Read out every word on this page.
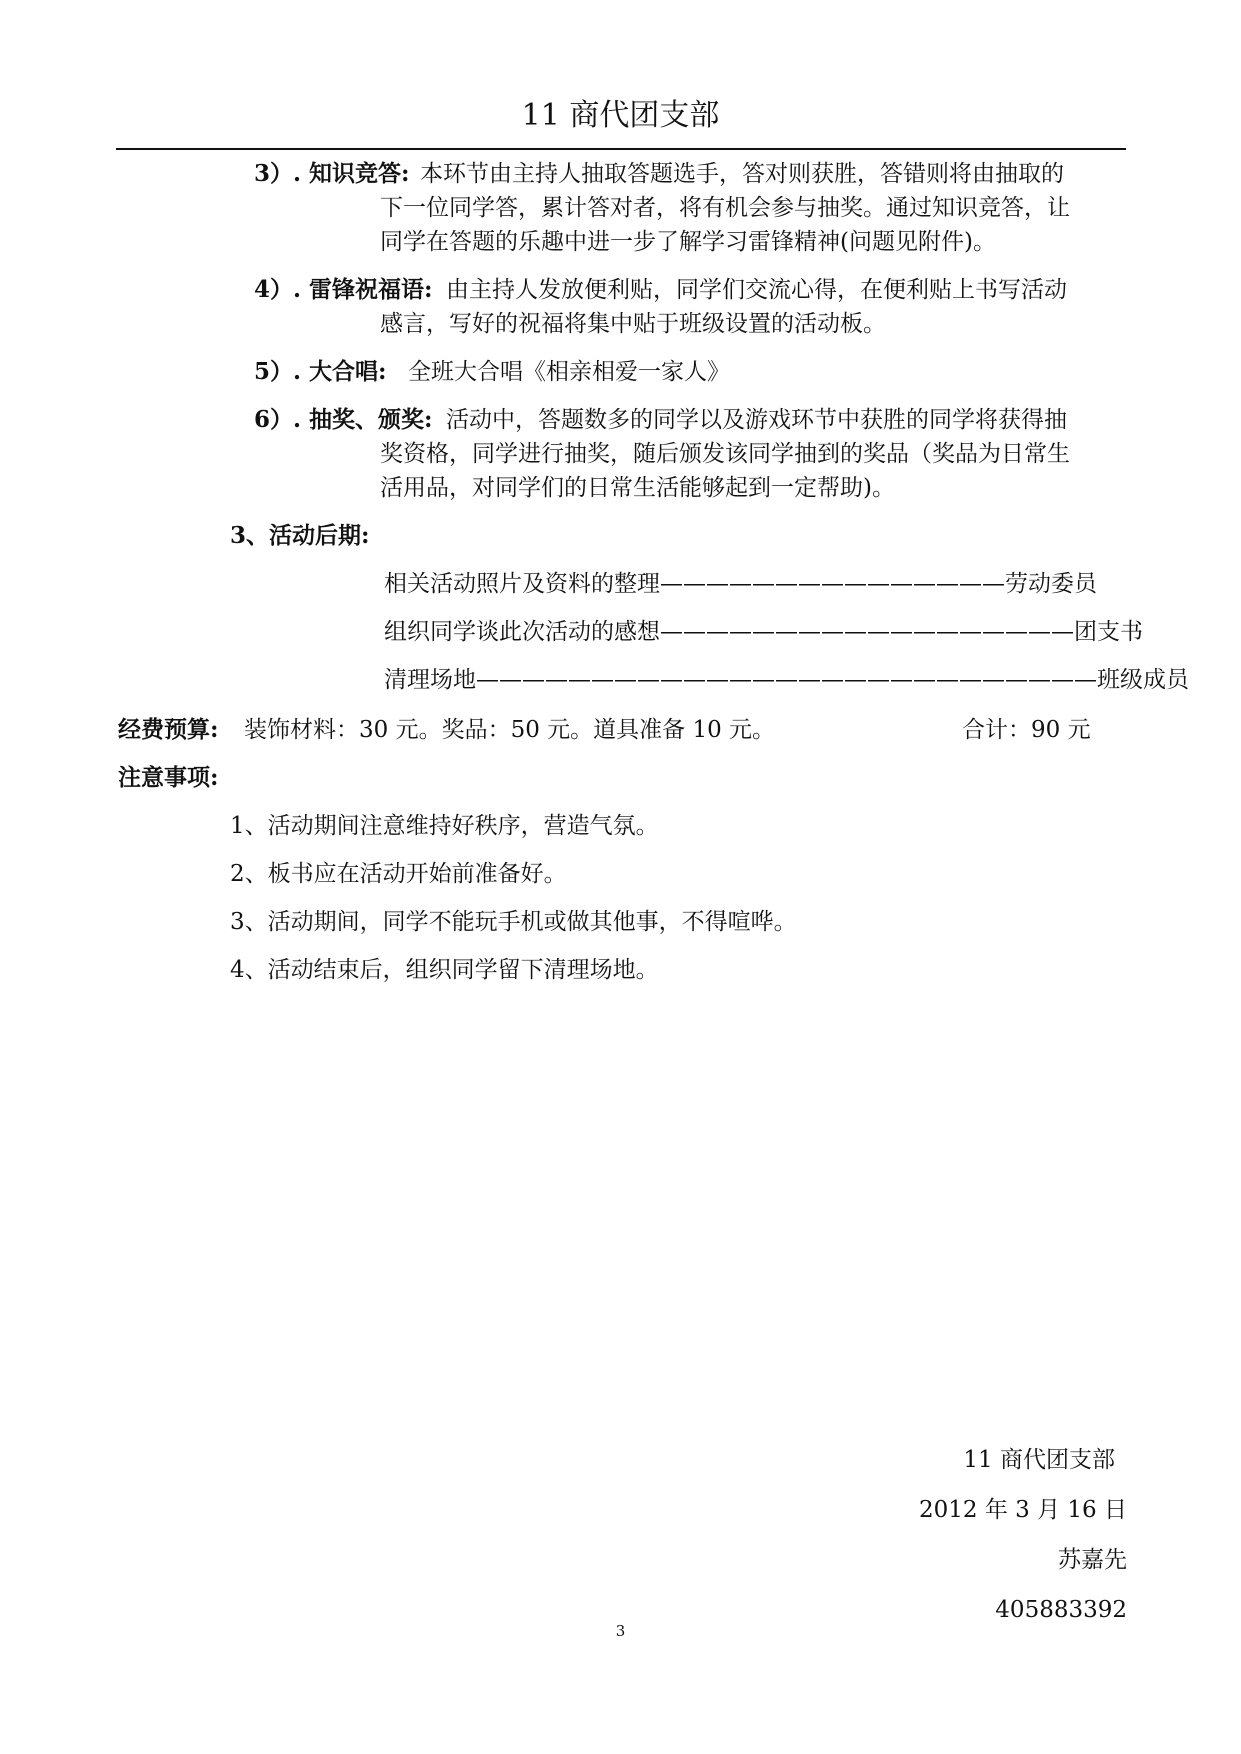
11 商代团支部
3）. 知识竞答: 本环节由主持人抽取答题选手，答对则获胜，答错则将由抽取的
下一位同学答，累计答对者，将有机会参与抽奖。通过知识竞答，让
同学在答题的乐趣中进一步了解学习雷锋精神(问题见附件)。
4）. 雷锋祝福语: 由主持人发放便利贴，同学们交流心得，在便利贴上书写活动
感言，写好的祝福将集中贴于班级设置的活动板。
5）. 大合唱: 全班大合唱《相亲相爱一家人》
6）. 抽奖、颁奖: 活动中，答题数多的同学以及游戏环节中获胜的同学将获得抽
奖资格，同学进行抽奖，随后颁发该同学抽到的奖品（奖品为日常生
活用品，对同学们的日常生活能够起到一定帮助)。
3、活动后期:
相关活动照片及资料的整理———————————————劳动委员
组织同学谈此次活动的感想——————————————————团支书
清理场地———————————————————————————班级成员
经费预算: 装饰材料：30 元。奖品：50 元。道具准备 10 元。	合计：90 元
注意事项:
1、活动期间注意维持好秩序，营造气氛。
2、板书应在活动开始前准备好。
3、活动期间，同学不能玩手机或做其他事，不得喧哗。
4、活动结束后，组织同学留下清理场地。
11 商代团支部
2012 年 3 月 16 日
苏嘉先
405883392
3
